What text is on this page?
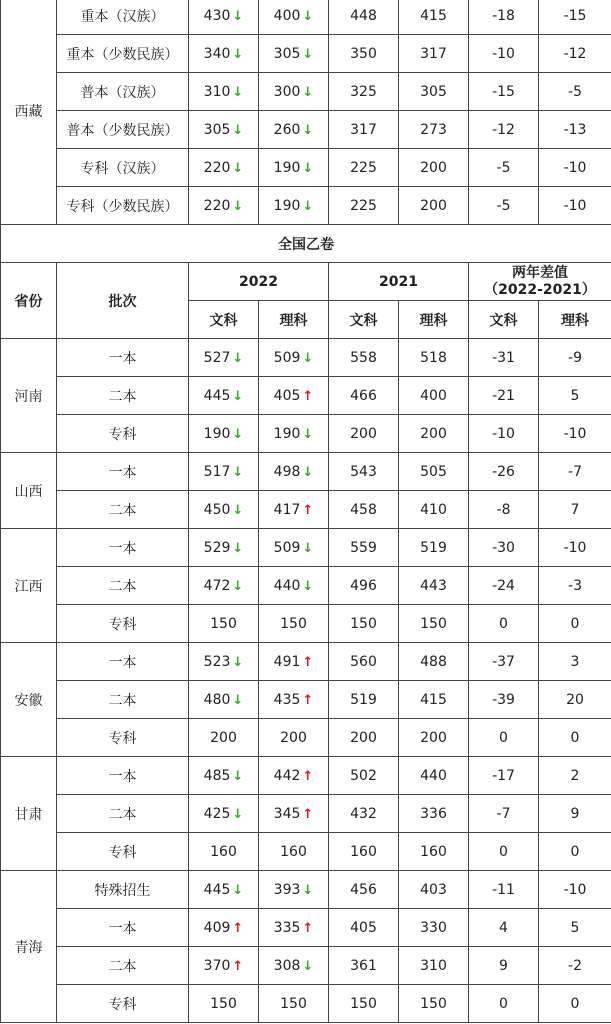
西藏	重本（汉族）	430 ↓	400 ↓	448	415	-18	-15
	重本（少数民族）	340 ↓	305 ↓	350	317	-10	-12
	普本（汉族）	310 ↓	300 ↓	325	305	-15	-5
	普本（少数民族）	305 ↓	260 ↓	317	273	-12	-13
	专科（汉族）	220 ↓	190 ↓	225	200	-5	-10
	专科（少数民族）	220 ↓	190 ↓	225	200	-5	-10
全国乙卷							
省份	批次	2022		2021		两年差值
（2022-2021）	

		文科	理科	文科	理科	文科	理科
河南	一本	527 ↓	509 ↓	558	518	-31	-9
	二本	445 ↓	405 ↑	466	400	-21	5
	专科	190 ↓	190 ↓	200	200	-10	-10
山西	一本	517 ↓	498 ↓	543	505	-26	-7
	二本	450 ↓	417 ↑	458	410	-8	7
江西	一本	529 ↓	509 ↓	559	519	-30	-10
	二本	472 ↓	440 ↓	496	443	-24	-3
	专科	150	150	150	150	0	0
安徽	一本	523 ↓	491 ↑	560	488	-37	3
	二本	480 ↓	435 ↑	519	415	-39	20
	专科	200	200	200	200	0	0
甘肃	一本	485 ↓	442 ↑	502	440	-17	2
	二本	425 ↓	345 ↑	432	336	-7	9
	专科	160	160	160	160	0	0
青海	特殊招生	445 ↓	393 ↓	456	403	-11	-10
	一本	409 ↑	335 ↑	405	330	4	5
	二本	370 ↑	308 ↓	361	310	9	-2
	专科	150	150	150	150	0	0
